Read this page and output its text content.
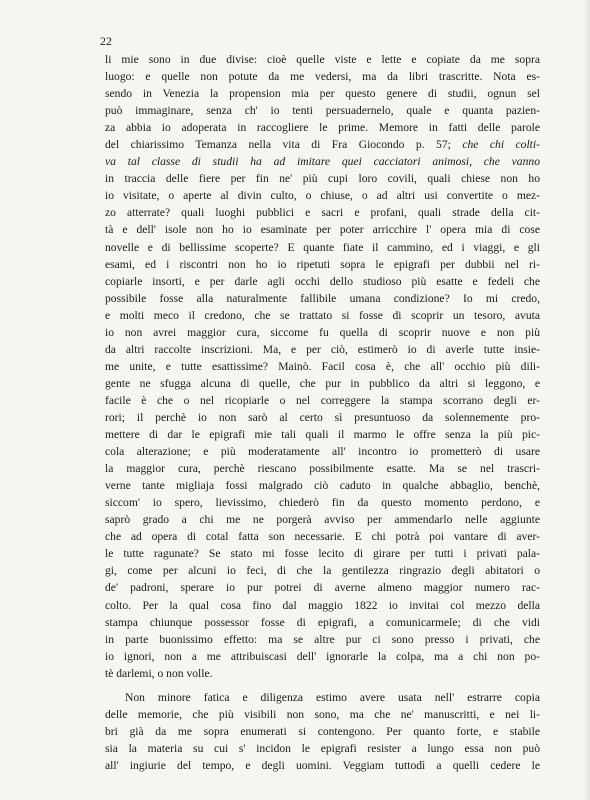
22
li mie sono in due divise: cioè quelle viste e lette e copiate da me sopra
luogo: e quelle non potute da me vedersi, ma da libri trascritte. Nota es-
sendo in Venezia la propension mia per questo genere di studii, ognun sel
può immaginare, senza ch' io tenti persuadernelo, quale e quanta pazien-
za abbia io adoperata in raccogliere le prime. Memore in fatti delle parole
del chiarissimo Temanza nella vita di Fra Giocondo p. 57; che chi colti-
va tal classe di studii ha ad imitare quei cacciatori animosi, che vanno
in traccia delle fiere per fin ne' più cupi loro covili, quali chiese non ho
io visitate, o aperte al divin culto, o chiuse, o ad altri usi convertite o mez-
zo atterrate? quali luoghi pubblici e sacri e profani, quali strade della cit-
tà e dell' isole non ho io esaminate per poter arricchire l' opera mia di cose
novelle e di bellissime scoperte? E quante fiate il cammino, ed i viaggi, e gli
esami, ed i riscontri non ho io ripetuti sopra le epigrafi per dubbii nel ri-
copiarle insorti, e per darle agli occhi dello studioso più esatte e fedeli che
possibile fosse alla naturalmente fallibile umana condizione? Io mi credo,
e molti meco il credono, che se trattato si fosse di scoprir un tesoro, avuta
io non avrei maggior cura, siccome fu quella di scoprir nuove e non più
da altri raccolte inscrizioni. Ma, e per ciò, estimerò io di averle tutte insie-
me unite, e tutte esattissime? Mainò. Facil cosa è, che all' occhio più dili-
gente ne sfugga alcuna di quelle, che pur in pubblico da altri si leggono, e
facile è che o nel ricopiarle o nel correggere la stampa scorrano degli er-
rori; il perchè io non sarò al certo sì presuntuoso da solennemente pro-
mettere di dar le epigrafi mie tali quali il marmo le offre senza la più pic-
cola alterazione; e più moderatamente all' incontro io prometterò di usare
la maggior cura, perchè riescano possibilmente esatte. Ma se nel trascri-
verne tante migliaja fossi malgrado ciò caduto in qualche abbaglio, benchè,
siccom' io spero, lievissimo, chiederò fin da questo momento perdono, e
saprò grado a chi me ne porgerà avviso per ammendarlo nelle aggiunte
che ad opera di cotal fatta son necessarie. E chi potrà poi vantare di aver-
le tutte ragunate? Se stato mi fosse lecito di girare per tutti i privati pala-
gi, come per alcuni io feci, di che la gentilezza ringrazio degli abitatori o
de' padroni, sperare io pur potrei di averne almeno maggior numero rac-
colto. Per la qual cosa fino dal maggio 1822 io invitai col mezzo della
stampa chiunque possessor fosse di epigrafi, a comunicarmele; di che vidi
in parte buonissimo effetto: ma se altre pur ci sono presso i privati, che
io ignori, non a me attribuiscasi dell' ignorarle la colpa, ma a chi non po-
tè darlemi, o non volle.
Non minore fatica e diligenza estimo avere usata nell' estrarre copia
delle memorie, che più visibili non sono, ma che ne' manuscritti, e nei li-
bri già da me sopra enumerati si contengono. Per quanto forte, e stabile
sia la materia su cui s' incidon le epigrafi resister a lungo essa non può
all' ingiurie del tempo, e degli uomini. Veggiam tuttodì a quelli cedere le
